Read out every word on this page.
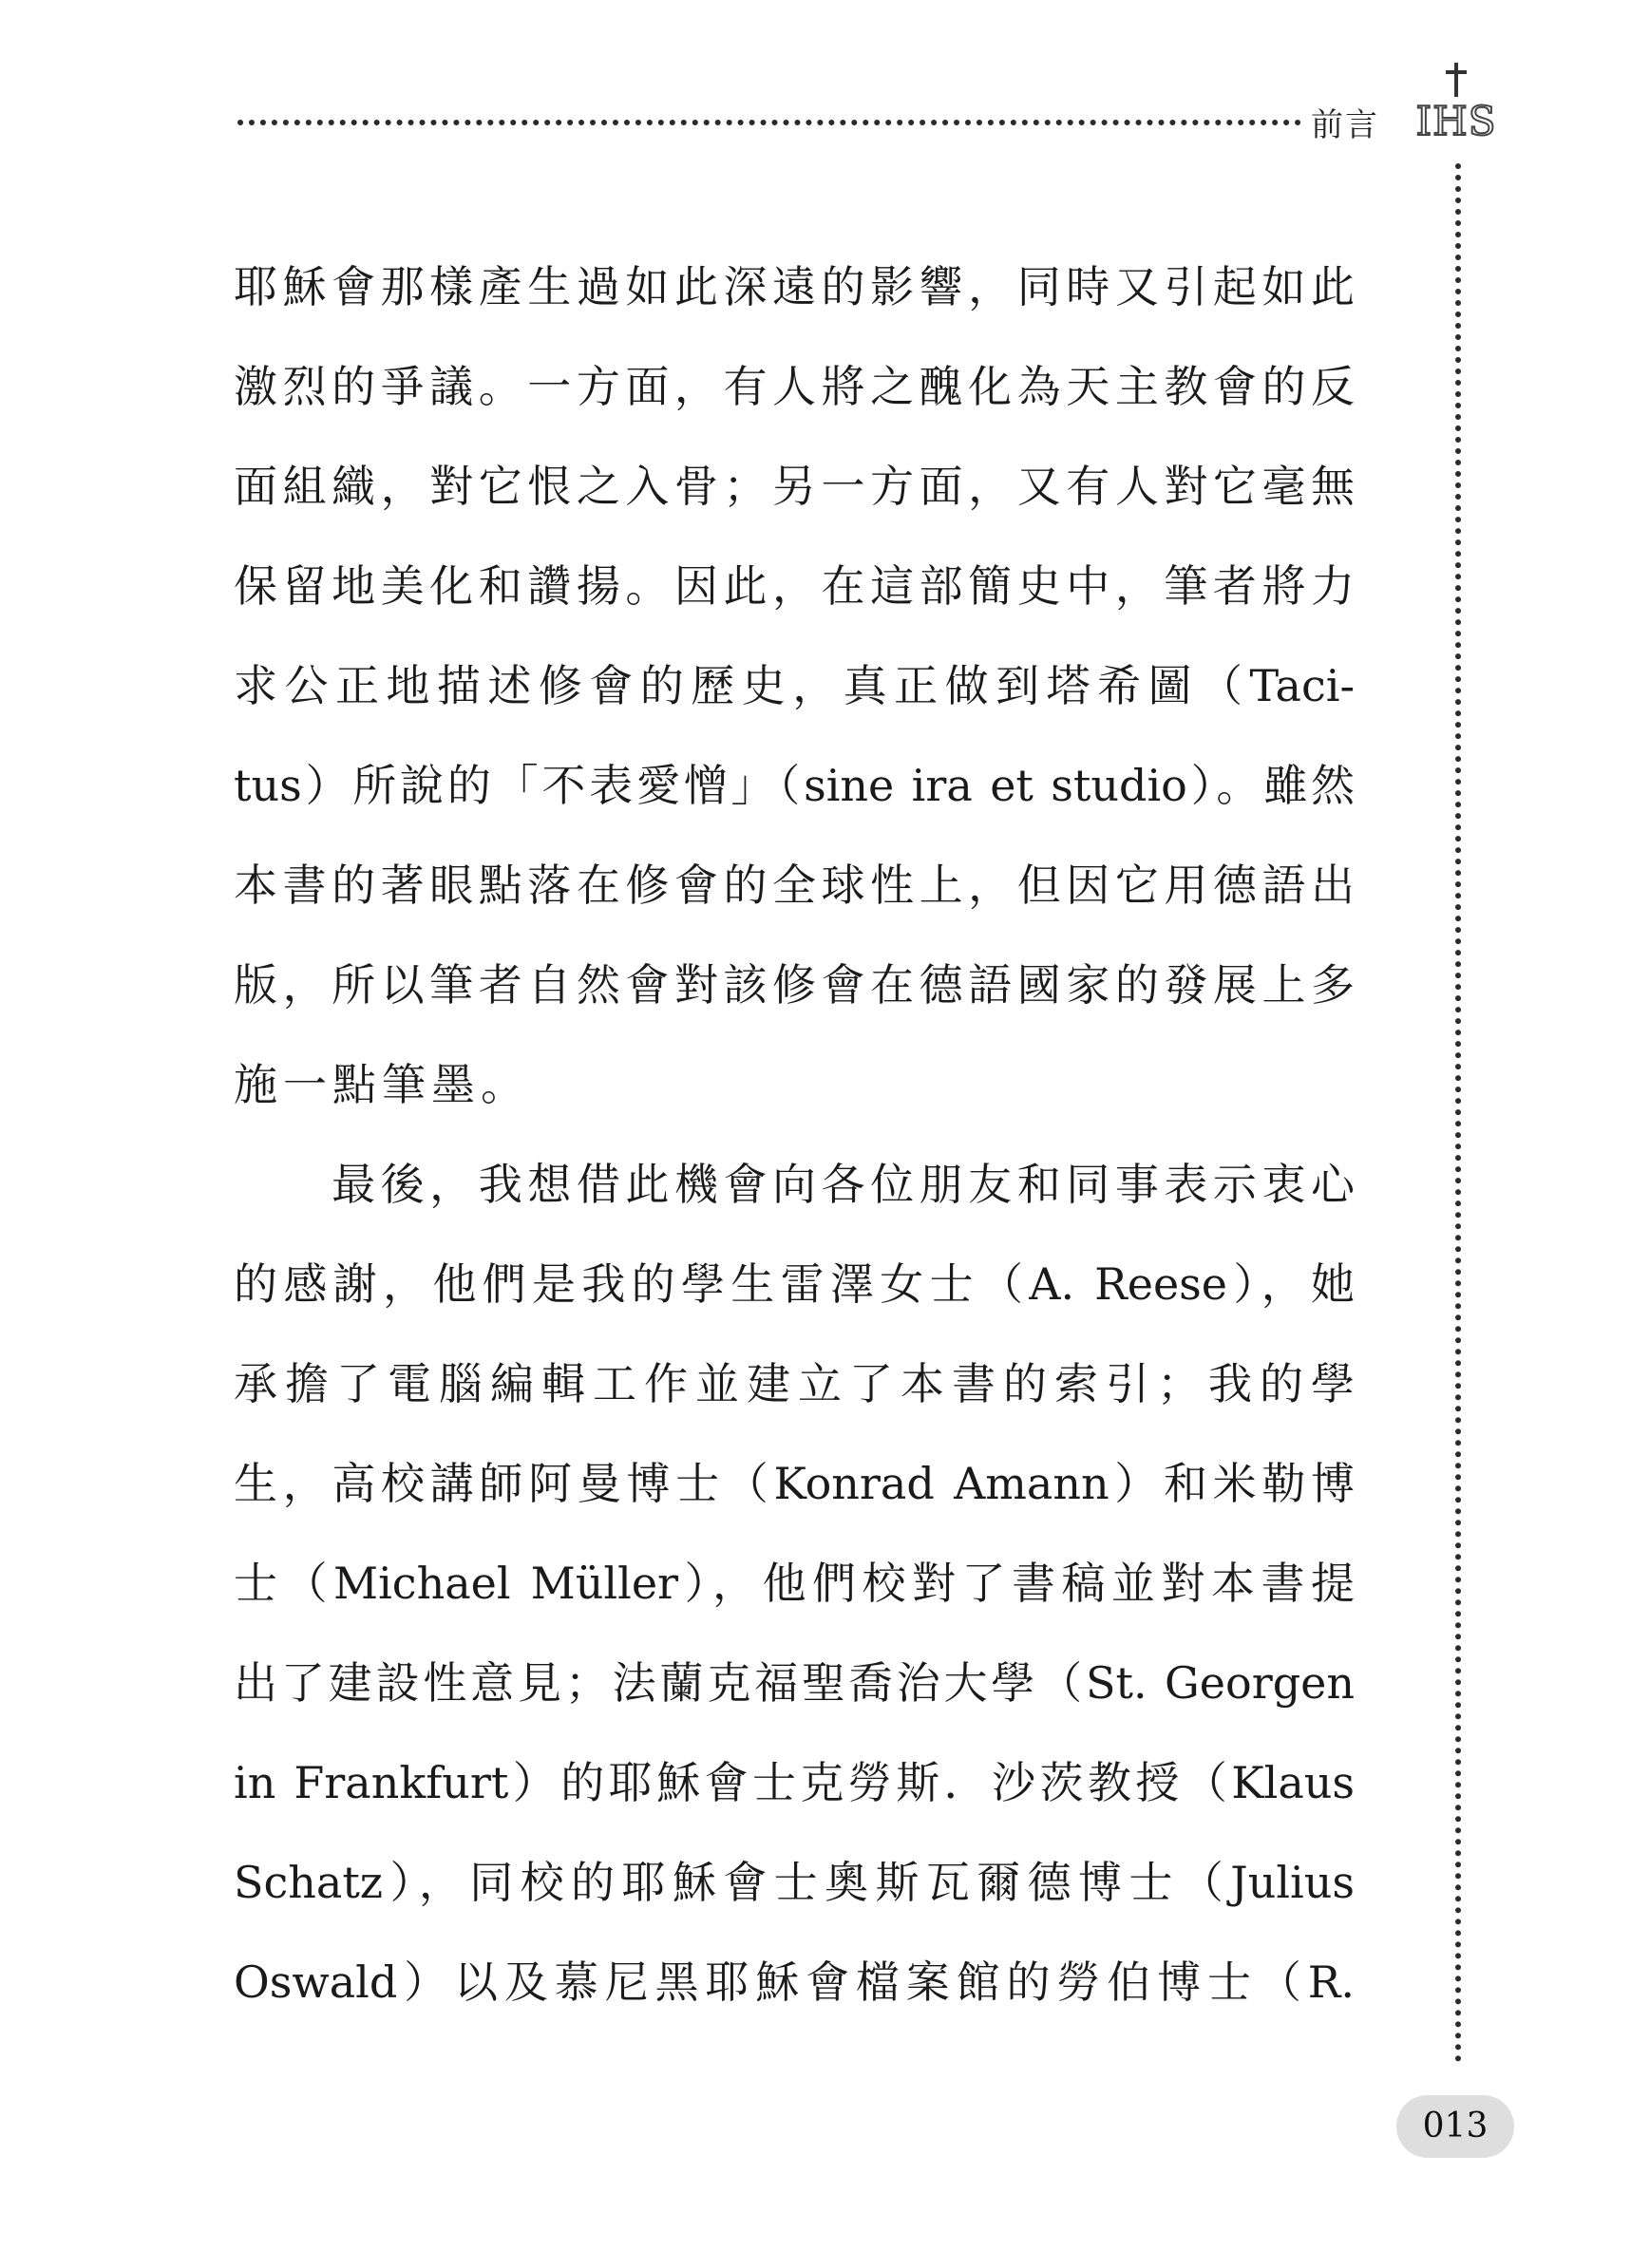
前言 IHS
耶穌會那樣產生過如此深遠的影響，同時又引起如此
激烈的爭議。一方面，有人將之醜化為天主教會的反
面組織，對它恨之入骨；另一方面，又有人對它毫無
保留地美化和讚揚。因此，在這部簡史中，筆者將力
求公正地描述修會的歷史，真正做到塔希圖（Taci-
tus）所說的「不表愛憎」（sine ira et studio）。雖然
本書的著眼點落在修會的全球性上，但因它用德語出
版，所以筆者自然會對該修會在德語國家的發展上多
施一點筆墨。
　　最後，我想借此機會向各位朋友和同事表示衷心
的感謝，他們是我的學生雷澤女士（A. Reese），她
承擔了電腦編輯工作並建立了本書的索引；我的學
生，高校講師阿曼博士（Konrad Amann）和米勒博
士（Michael Müller），他們校對了書稿並對本書提
出了建設性意見；法蘭克福聖喬治大學（St. Georgen
in Frankfurt）的耶穌會士克勞斯．沙茨教授（Klaus
Schatz），同校的耶穌會士奧斯瓦爾德博士（Julius
Oswald）以及慕尼黑耶穌會檔案館的勞伯博士（R.
013
